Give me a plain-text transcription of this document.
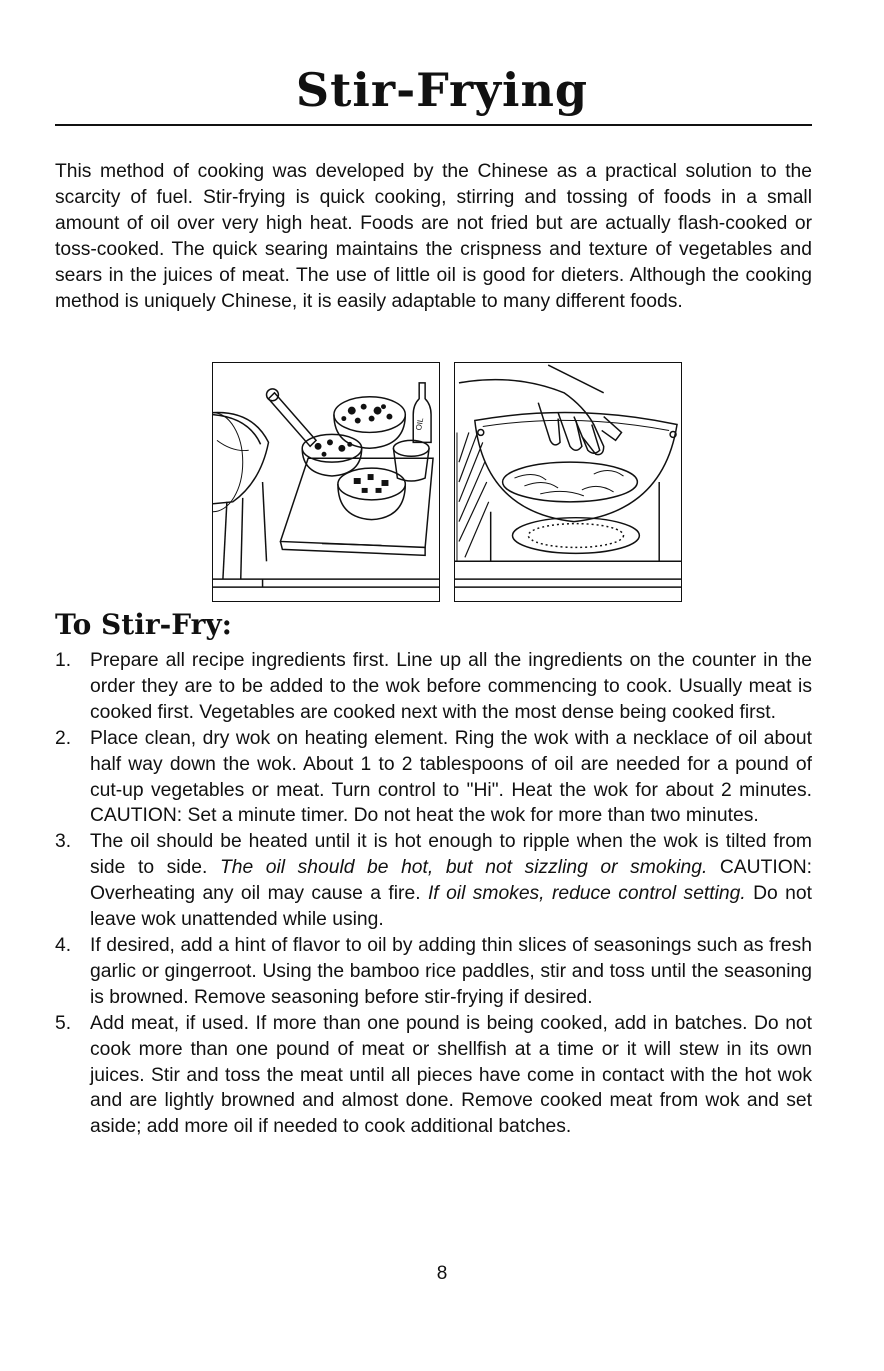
Stir-Frying

This method of cooking was developed by the Chinese as a practical solution to the scarcity of fuel. Stir-frying is quick cooking, stirring and tossing of foods in a small amount of oil over very high heat. Foods are not fried but are actually flash-cooked or toss-cooked. The quick searing maintains the crispness and texture of vegetables and sears in the juices of meat. The use of little oil is good for dieters. Although the cooking method is uniquely Chinese, it is easily adaptable to many different foods.

OIL
To Stir-Fry:
1. Prepare all recipe ingredients first. Line up all the ingredients on the counter in the order they are to be added to the wok before commencing to cook. Usually meat is cooked first. Vegetables are cooked next with the most dense being cooked first.

2. Place clean, dry wok on heating element. Ring the wok with a necklace of oil about half way down the wok. About 1 to 2 tablespoons of oil are needed for a pound of cut-up vegetables or meat. Turn control to "Hi". Heat the wok for about 2 minutes. CAUTION: Set a minute timer. Do not heat the wok for more than two minutes.

3. The oil should be heated until it is hot enough to ripple when the wok is tilted from side to side. The oil should be hot, but not sizzling or smoking. CAUTION: Overheating any oil may cause a fire. If oil smokes, reduce control setting. Do not leave wok unattended while using.

4. If desired, add a hint of flavor to oil by adding thin slices of seasonings such as fresh garlic or gingerroot. Using the bamboo rice paddles, stir and toss until the seasoning is browned. Remove seasoning before stir-frying if desired.

5. Add meat, if used. If more than one pound is being cooked, add in batches. Do not cook more than one pound of meat or shellfish at a time or it will stew in its own juices. Stir and toss the meat until all pieces have come in contact with the hot wok and are lightly browned and almost done. Remove cooked meat from wok and set aside; add more oil if needed to cook additional batches.

8
